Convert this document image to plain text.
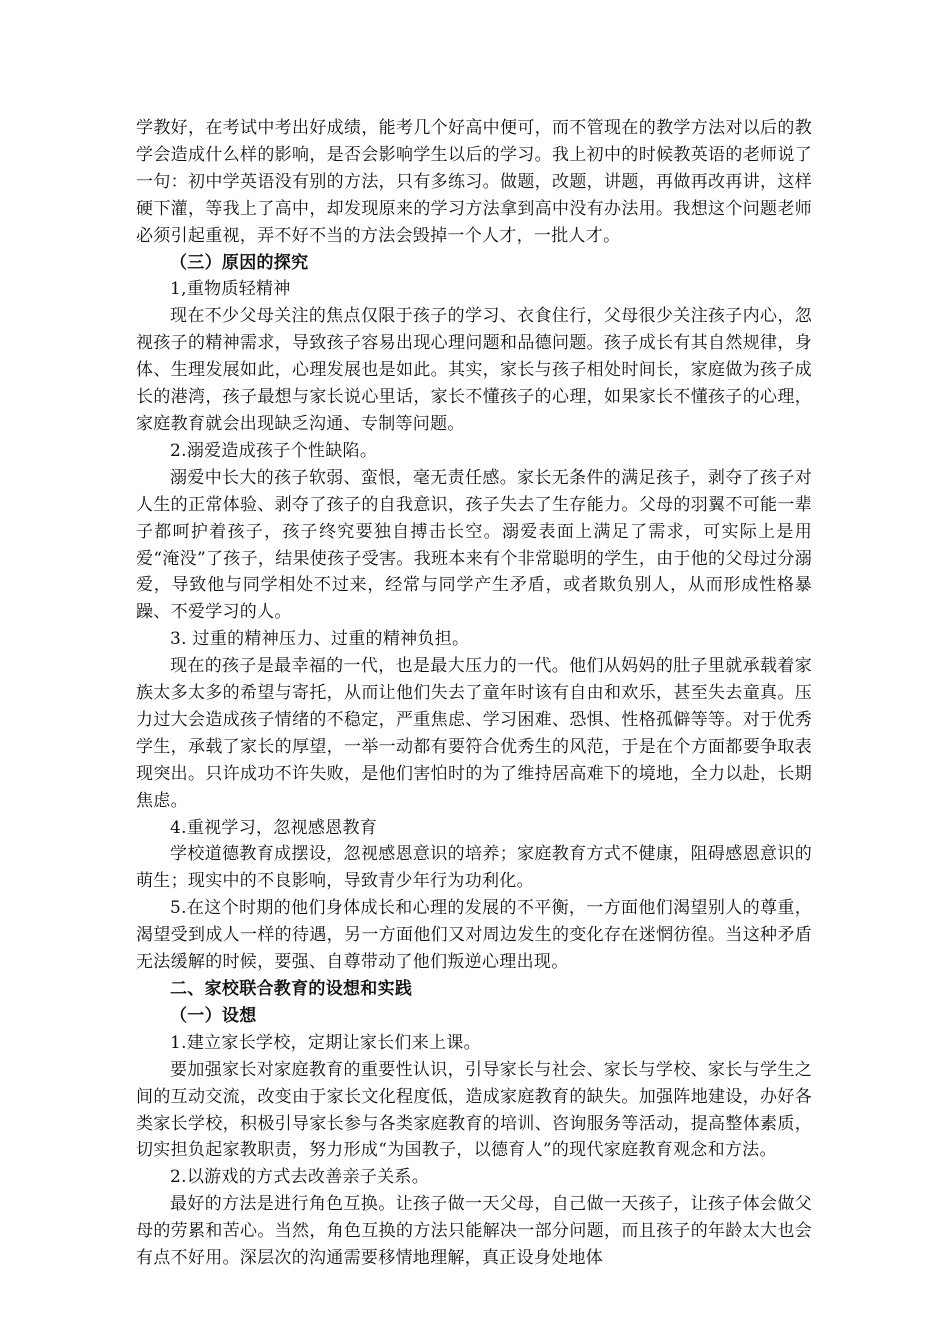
学教好，在考试中考出好成绩，能考几个好高中便可，而不管现在的教学方法对以后的教学会造成什么样的影响，是否会影响学生以后的学习。我上初中的时候教英语的老师说了一句：初中学英语没有别的方法，只有多练习。做题，改题，讲题，再做再改再讲，这样硬下灌，等我上了高中，却发现原来的学习方法拿到高中没有办法用。我想这个问题老师必须引起重视，弄不好不当的方法会毁掉一个人才，一批人才。

（三）原因的探究

1,重物质轻精神

现在不少父母关注的焦点仅限于孩子的学习、衣食住行，父母很少关注孩子内心，忽视孩子的精神需求，导致孩子容易出现心理问题和品德问题。孩子成长有其自然规律，身体、生理发展如此，心理发展也是如此。其实，家长与孩子相处时间长，家庭做为孩子成长的港湾，孩子最想与家长说心里话，家长不懂孩子的心理，如果家长不懂孩子的心理，家庭教育就会出现缺乏沟通、专制等问题。

2.溺爱造成孩子个性缺陷。

溺爱中长大的孩子软弱、蛮恨，毫无责任感。家长无条件的满足孩子，剥夺了孩子对人生的正常体验、剥夺了孩子的自我意识，孩子失去了生存能力。父母的羽翼不可能一辈子都呵护着孩子，孩子终究要独自搏击长空。溺爱表面上满足了需求，可实际上是用爱“淹没”了孩子，结果使孩子受害。我班本来有个非常聪明的学生，由于他的父母过分溺爱，导致他与同学相处不过来，经常与同学产生矛盾，或者欺负别人，从而形成性格暴躁、不爱学习的人。

3. 过重的精神压力、过重的精神负担。

现在的孩子是最幸福的一代，也是最大压力的一代。他们从妈妈的肚子里就承载着家族太多太多的希望与寄托，从而让他们失去了童年时该有自由和欢乐，甚至失去童真。压力过大会造成孩子情绪的不稳定，严重焦虑、学习困难、恐惧、性格孤僻等等。对于优秀学生，承载了家长的厚望，一举一动都有要符合优秀生的风范，于是在个方面都要争取表现突出。只许成功不许失败，是他们害怕时的为了维持居高难下的境地，全力以赴，长期焦虑。

4.重视学习，忽视感恩教育

学校道德教育成摆设，忽视感恩意识的培养；家庭教育方式不健康，阻碍感恩意识的萌生；现实中的不良影响，导致青少年行为功利化。

5.在这个时期的他们身体成长和心理的发展的不平衡，一方面他们渴望别人的尊重，渴望受到成人一样的待遇，另一方面他们又对周边发生的变化存在迷惘彷徨。当这种矛盾无法缓解的时候，要强、自尊带动了他们叛逆心理出现。

二、家校联合教育的设想和实践

（一）设想

1.建立家长学校，定期让家长们来上课。

要加强家长对家庭教育的重要性认识，引导家长与社会、家长与学校、家长与学生之间的互动交流，改变由于家长文化程度低，造成家庭教育的缺失。加强阵地建设，办好各类家长学校，积极引导家长参与各类家庭教育的培训、咨询服务等活动，提高整体素质，切实担负起家教职责，努力形成“为国教子，以德育人”的现代家庭教育观念和方法。

2.以游戏的方式去改善亲子关系。

最好的方法是进行角色互换。让孩子做一天父母，自己做一天孩子，让孩子体会做父母的劳累和苦心。当然，角色互换的方法只能解决一部分问题，而且孩子的年龄太大也会有点不好用。深层次的沟通需要移情地理解，真正设身处地体
